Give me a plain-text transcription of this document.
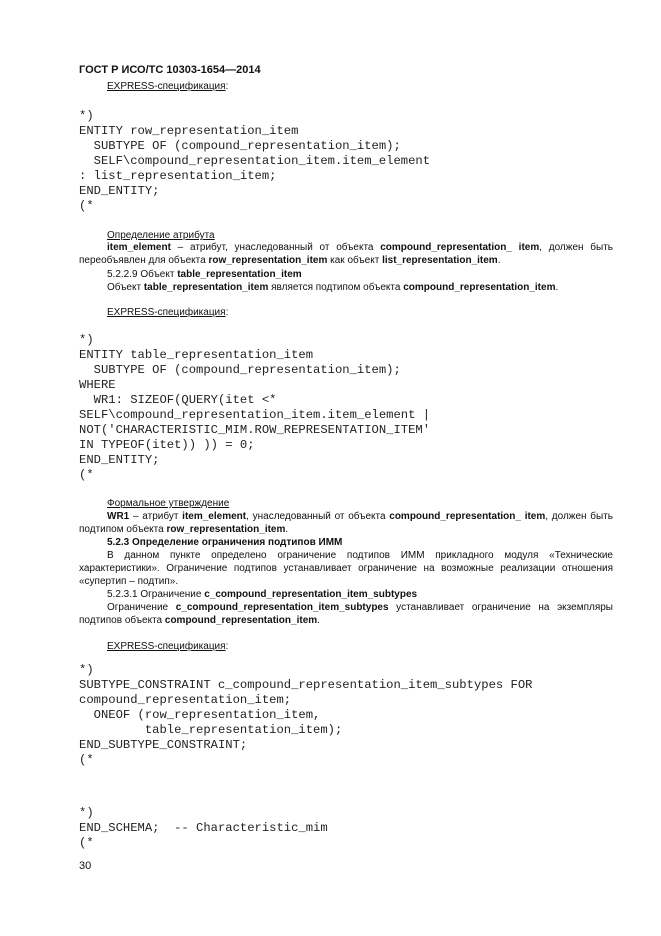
ГОСТ Р ИСО/ТС 10303-1654—2014
EXPRESS-спецификация:
*)
ENTITY row_representation_item
SUBTYPE OF (compound_representation_item);
SELF\compound_representation_item.item_element
: list_representation_item;
END_ENTITY;
(*
Определение атрибута

item_element – атрибут, унаследованный от объекта compound_representation_ item, должен быть переобъявлен для объекта row_representation_item как объект list_representation_item.

5.2.2.9 Объект table_representation_item
Объект table_representation_item является подтипом объекта compound_representation_item.
EXPRESS-спецификация:
*)
ENTITY table_representation_item
SUBTYPE OF (compound_representation_item);
WHERE
WR1: SIZEOF(QUERY(itet <*
SELF\compound_representation_item.item_element |
NOT('CHARACTERISTIC_MIM.ROW_REPRESENTATION_ITEM'
IN TYPEOF(itet)) )) = 0;
END_ENTITY;
(*
Формальное утверждение

WR1 – атрибут item_element, унаследованный от объекта compound_representation_ item, должен быть подтипом объекта row_representation_item.

5.2.3 Определение ограничения подтипов ИММ

В данном пункте определено ограничение подтипов ИММ прикладного модуля «Технические характеристики». Ограничение подтипов устанавливает ограничение на возможные реализации отношения «супертип – подтип».

5.2.3.1 Ограничение c_compound_representation_item_subtypes

Ограничение c_compound_representation_item_subtypes устанавливает ограничение на экземпляры подтипов объекта compound_representation_item.

EXPRESS-спецификация:
*)
SUBTYPE_CONSTRAINT c_compound_representation_item_subtypes FOR
compound_representation_item;
ONEOF (row_representation_item,
table_representation_item);
END_SUBTYPE_CONSTRAINT;
(*
*)
END_SCHEMA;  -- Characteristic_mim
(*
30
